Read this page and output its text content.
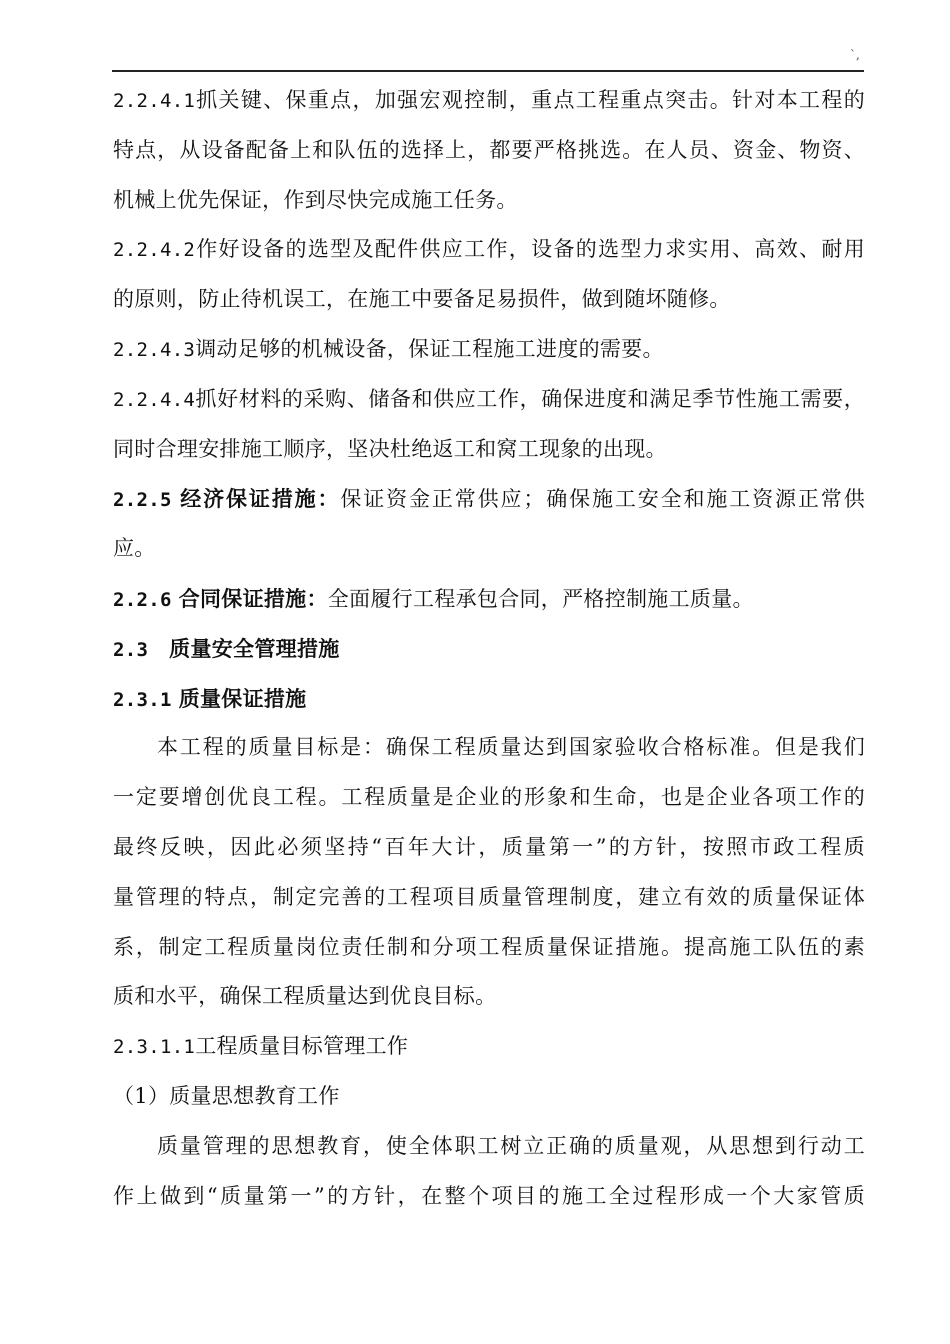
`,
2.2.4.1抓关键、保重点，加强宏观控制，重点工程重点突击。针对本工程的
特点，从设备配备上和队伍的选择上，都要严格挑选。在人员、资金、物资、
机械上优先保证，作到尽快完成施工任务。
2.2.4.2作好设备的选型及配件供应工作，设备的选型力求实用、高效、耐用
的原则，防止待机误工，在施工中要备足易损件，做到随坏随修。
2.2.4.3调动足够的机械设备，保证工程施工进度的需要。
2.2.4.4抓好材料的采购、储备和供应工作，确保进度和满足季节性施工需要，
同时合理安排施工顺序，坚决杜绝返工和窝工现象的出现。
2.2.5 经济保证措施：保证资金正常供应；确保施工安全和施工资源正常供
应。
2.2.6 合同保证措施：全面履行工程承包合同，严格控制施工质量。
2.3 质量安全管理措施
2.3.1 质量保证措施
本工程的质量目标是：确保工程质量达到国家验收合格标准。但是我们
一定要增创优良工程。工程质量是企业的形象和生命，也是企业各项工作的
最终反映，因此必须坚持“百年大计，质量第一”的方针，按照市政工程质
量管理的特点，制定完善的工程项目质量管理制度，建立有效的质量保证体
系，制定工程质量岗位责任制和分项工程质量保证措施。提高施工队伍的素
质和水平，确保工程质量达到优良目标。
2.3.1.1工程质量目标管理工作
（1）质量思想教育工作
质量管理的思想教育，使全体职工树立正确的质量观，从思想到行动工
作上做到“质量第一”的方针，在整个项目的施工全过程形成一个大家管质
